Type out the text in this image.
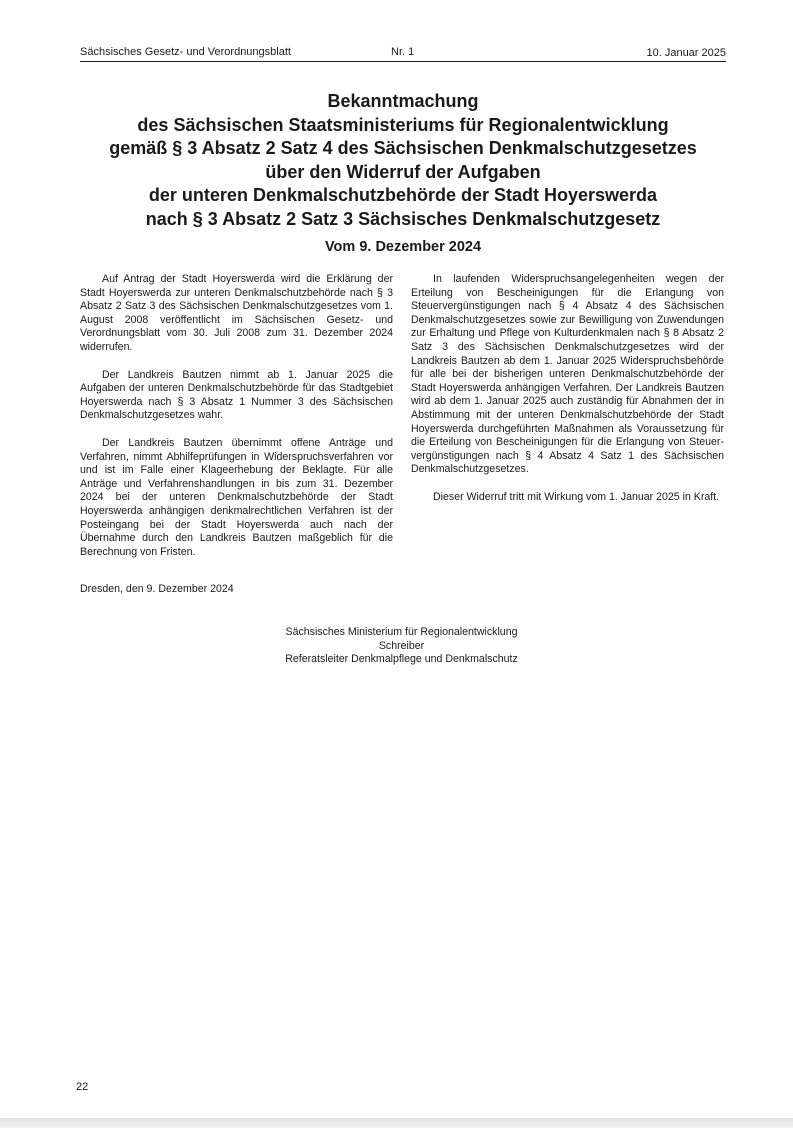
Sächsisches Gesetz- und Verordnungsblatt	Nr. 1	10. Januar 2025
Bekanntmachung
des Sächsischen Staatsministeriums für Regionalentwicklung
gemäß § 3 Absatz 2 Satz 4 des Sächsischen Denkmalschutzgesetzes
über den Widerruf der Aufgaben
der unteren Denkmalschutzbehörde der Stadt Hoyerswerda
nach § 3 Absatz 2 Satz 3 Sächsisches Denkmalschutzgesetz
Vom 9. Dezember 2024

Auf Antrag der Stadt Hoyerswerda wird die Erklärung der Stadt Hoyerswerda zur unteren Denkmalschutzbehörde nach § 3 Absatz 2 Satz 3 des Sächsischen Denkmalschutzgesetzes vom 1. August 2008 veröffentlicht im Sächsischen Gesetz- und Verordnungsblatt vom 30. Juli 2008 zum 31. Dezember 2024 widerrufen.

Der Landkreis Bautzen nimmt ab 1. Januar 2025 die Aufgaben der unteren Denkmalschutzbehörde für das Stadtgebiet Hoyerswerda nach § 3 Absatz 1 Nummer 3 des Sächsischen Denkmalschutzgesetzes wahr.

Der Landkreis Bautzen übernimmt offene Anträge und Verfahren, nimmt Abhilfeprüfungen in Widerspruchsverfahren vor und ist im Falle einer Klageerhebung der Beklagte. Für alle Anträge und Verfahrenshandlungen in bis zum 31. Dezember 2024 bei der unteren Denkmalschutzbehörde der Stadt Hoyerswerda anhängigen denkmalrechtlichen Verfahren ist der Posteingang bei der Stadt Hoyerswerda auch nach der Übernahme durch den Landkreis Bautzen maßgeblich für die Berechnung von Fristen.

In laufenden Widerspruchsangelegenheiten wegen der Erteilung von Bescheinigungen für die Erlangung von Steuervergünstigungen nach § 4 Absatz 4 des Sächsischen Denkmalschutzgesetzes sowie zur Bewilligung von Zuwendungen zur Erhaltung und Pflege von Kulturdenkmalen nach § 8 Absatz 2 Satz 3 des Sächsischen Denkmalschutzgesetzes wird der Landkreis Bautzen ab dem 1. Januar 2025 Widerspruchsbehörde für alle bei der bisherigen unteren Denkmalschutzbehörde der Stadt Hoyerswerda anhängigen Verfahren. Der Landkreis Bautzen wird ab dem 1. Januar 2025 auch zuständig für Abnahmen der in Abstimmung mit der unteren Denkmalschutzbehörde der Stadt Hoyerswerda durchgeführten Maßnahmen als Voraussetzung für die Erteilung von Bescheinigungen für die Erlangung von Steuervergünstigungen nach § 4 Absatz 4 Satz 1 des Sächsischen Denkmalschutzgesetzes.

Dieser Widerruf tritt mit Wirkung vom 1. Januar 2025 in Kraft.

Dresden, den 9. Dezember 2024
Sächsisches Ministerium für Regionalentwicklung
Schreiber
Referatsleiter Denkmalpflege und Denkmalschutz
22
